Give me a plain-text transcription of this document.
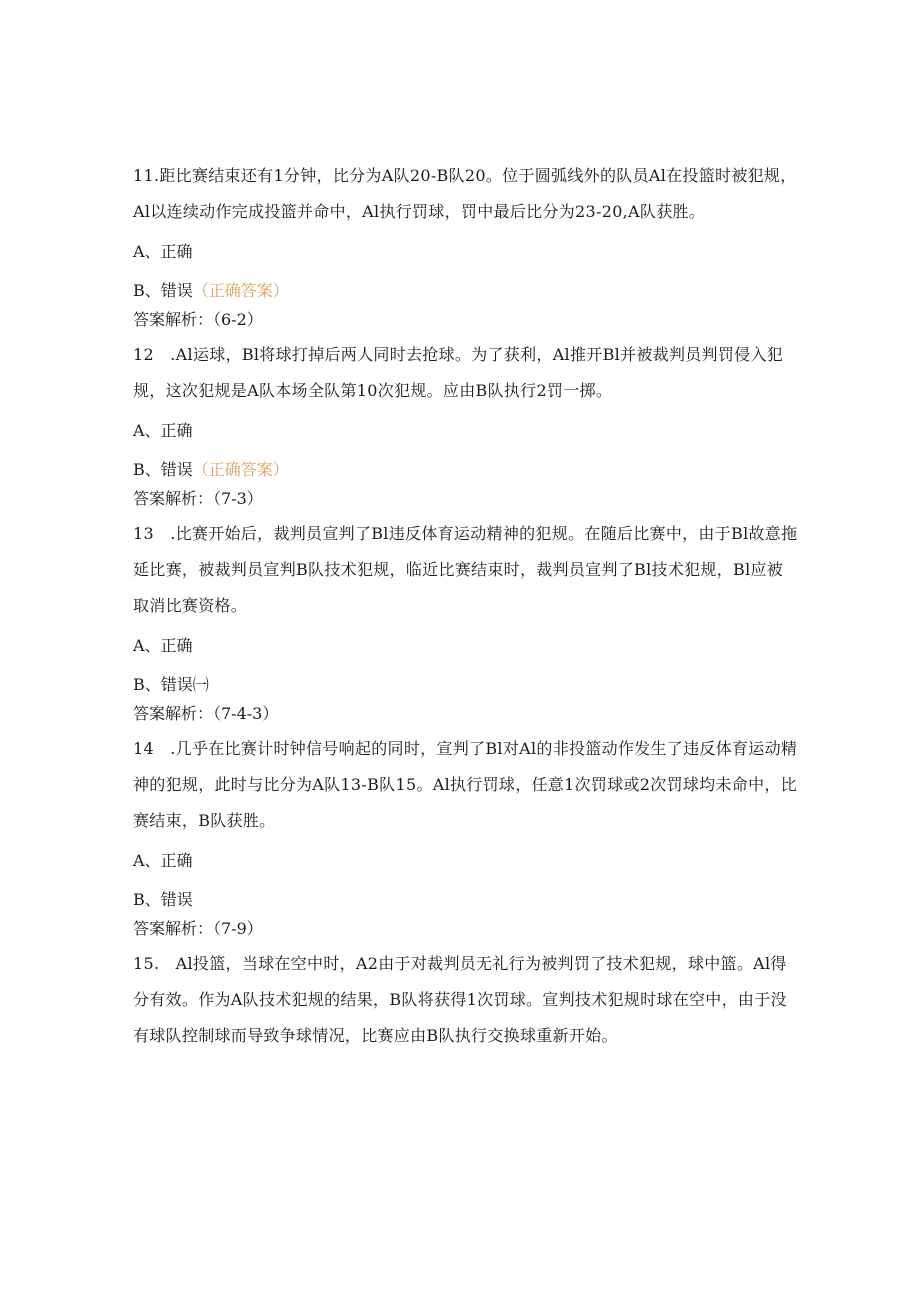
11.距比赛结束还有1分钟，比分为A队20-B队20。位于圆弧线外的队员Al在投篮时被犯规，Al以连续动作完成投篮并命中，Al执行罚球，罚中最后比分为23-20,A队获胜。

A、正确

B、错误（正确答案）

答案解析：（6-2）

12　.Al运球，Bl将球打掉后两人同时去抢球。为了获利，Al推开Bl并被裁判员判罚侵入犯规，这次犯规是A队本场全队第10次犯规。应由B队执行2罚一掷。

A、正确

B、错误（正确答案）

答案解析：（7-3）

13　.比赛开始后，裁判员宣判了Bl违反体育运动精神的犯规。在随后比赛中，由于Bl故意拖延比赛，被裁判员宣判B队技术犯规，临近比赛结束时，裁判员宣判了Bl技术犯规，Bl应被取消比赛资格。

A、正确

B、错误㈠

答案解析：（7-4-3）

14　.几乎在比赛计时钟信号响起的同时，宣判了Bl对Al的非投篮动作发生了违反体育运动精神的犯规，此时与比分为A队13-B队15。Al执行罚球，任意1次罚球或2次罚球均未命中，比赛结束，B队获胜。

A、正确

B、错误

答案解析：（7-9）

15.　Al投篮，当球在空中时，A2由于对裁判员无礼行为被判罚了技术犯规，球中篮。Al得分有效。作为A队技术犯规的结果，B队将获得1次罚球。宣判技术犯规时球在空中，由于没有球队控制球而导致争球情况，比赛应由B队执行交换球重新开始。
